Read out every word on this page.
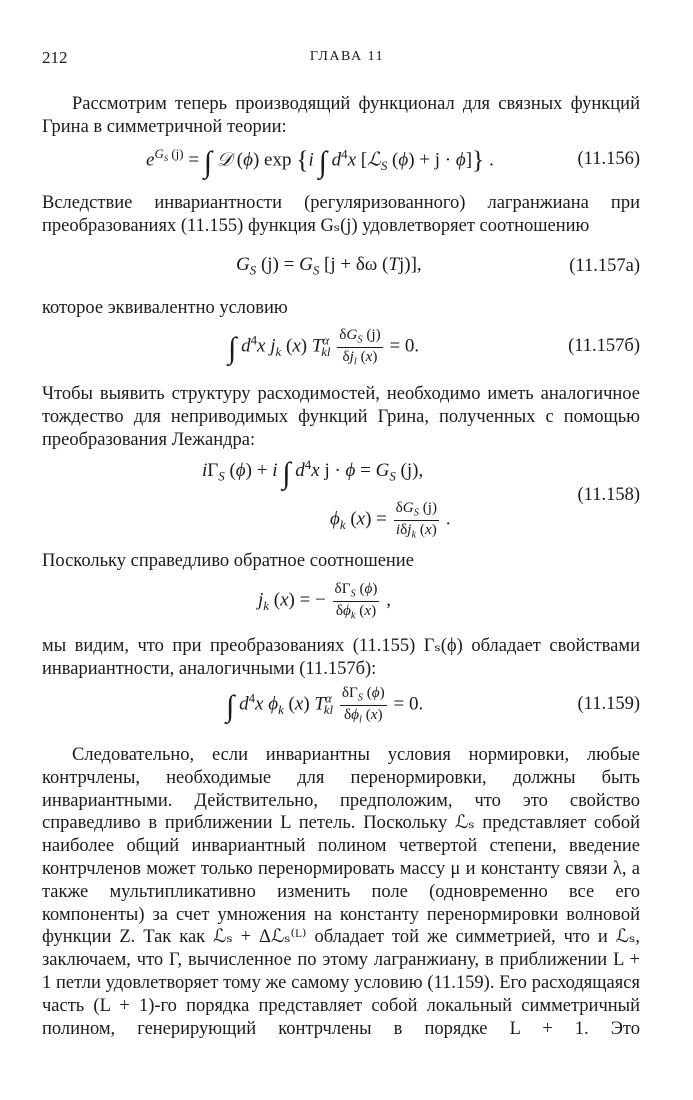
212	ГЛАВА 11

Рассмотрим теперь производящий функционал для связных функций Грина в симметричной теории:

$e^{G_S (j)}$ = ∫ 𝒟 (ϕ) exp {i ∫ $d^4x$ [ℒ$_S$ (ϕ) + j · ϕ]} .	(11.156)

Вследствие инвариантности (регуляризованного) лагранжиана при преобразованиях (11.155) функция Gₛ(j) удовлетворяет соотношению

$G_S$ $(j) = G_S$ [j + δω (Tj)],	(11.157а)

которое эквивалентно условию

∫ $d^4x$ $j_k$ (x) $T^\alpha_{kl} \frac{\delta G_S (j)}{\delta j_l (x)} = 0$.	(11.157б)

Чтобы выявить структуру расходимостей, необходимо иметь аналогичное тождество для неприводимых функций Грина, полученных с помощью преобразования Лежандра:

$i\Gamma_S$ (ϕ) + i ∫ $d^4x$ $j \cdot \phi = G_S$ (j),
$\phi_k$ $(x) = \frac{\delta G_S (j)}{i\delta j_k (x)}$ .
(11.158)

Поскольку справедливо обратное соотношение

$j_k$ (x) = − $\frac{\delta\Gamma_S (\phi)}{\delta\phi_k (x)}$ ,

мы видим, что при преобразованиях (11.155) Γₛ(ϕ) обладает свойствами инвариантности, аналогичными (11.157б):

∫ $d^4x$ $\phi_k$ (x) $T^\alpha_{kl} \frac{\delta\Gamma_S (\phi)}{\delta\phi_l (x)} = 0$.	(11.159)

Следовательно, если инвариантны условия нормировки, любые контрчлены, необходимые для перенормировки, должны быть инвариантными. Действительно, предположим, что это свойство справедливо в приближении L петель. Поскольку ℒₛ представляет собой наиболее общий инвариантный полином четвертой степени, введение контрчленов может только перенормировать массу μ и константу связи λ, а также мультипликативно изменить поле (одновременно все его компоненты) за счет умножения на константу перенормировки волновой функции Z. Так как ℒₛ + Δℒₛ⁽ᴸ⁾ обладает той же симметрией, что и ℒₛ, заключаем, что Γ, вычисленное по этому лагранжиану, в приближении L + 1 петли удовлетворяет тому же самому условию (11.159). Его расходящаяся часть (L + 1)-го порядка представляет собой локальный симметричный полином, генерирующий контрчлены в порядке L + 1. Это
